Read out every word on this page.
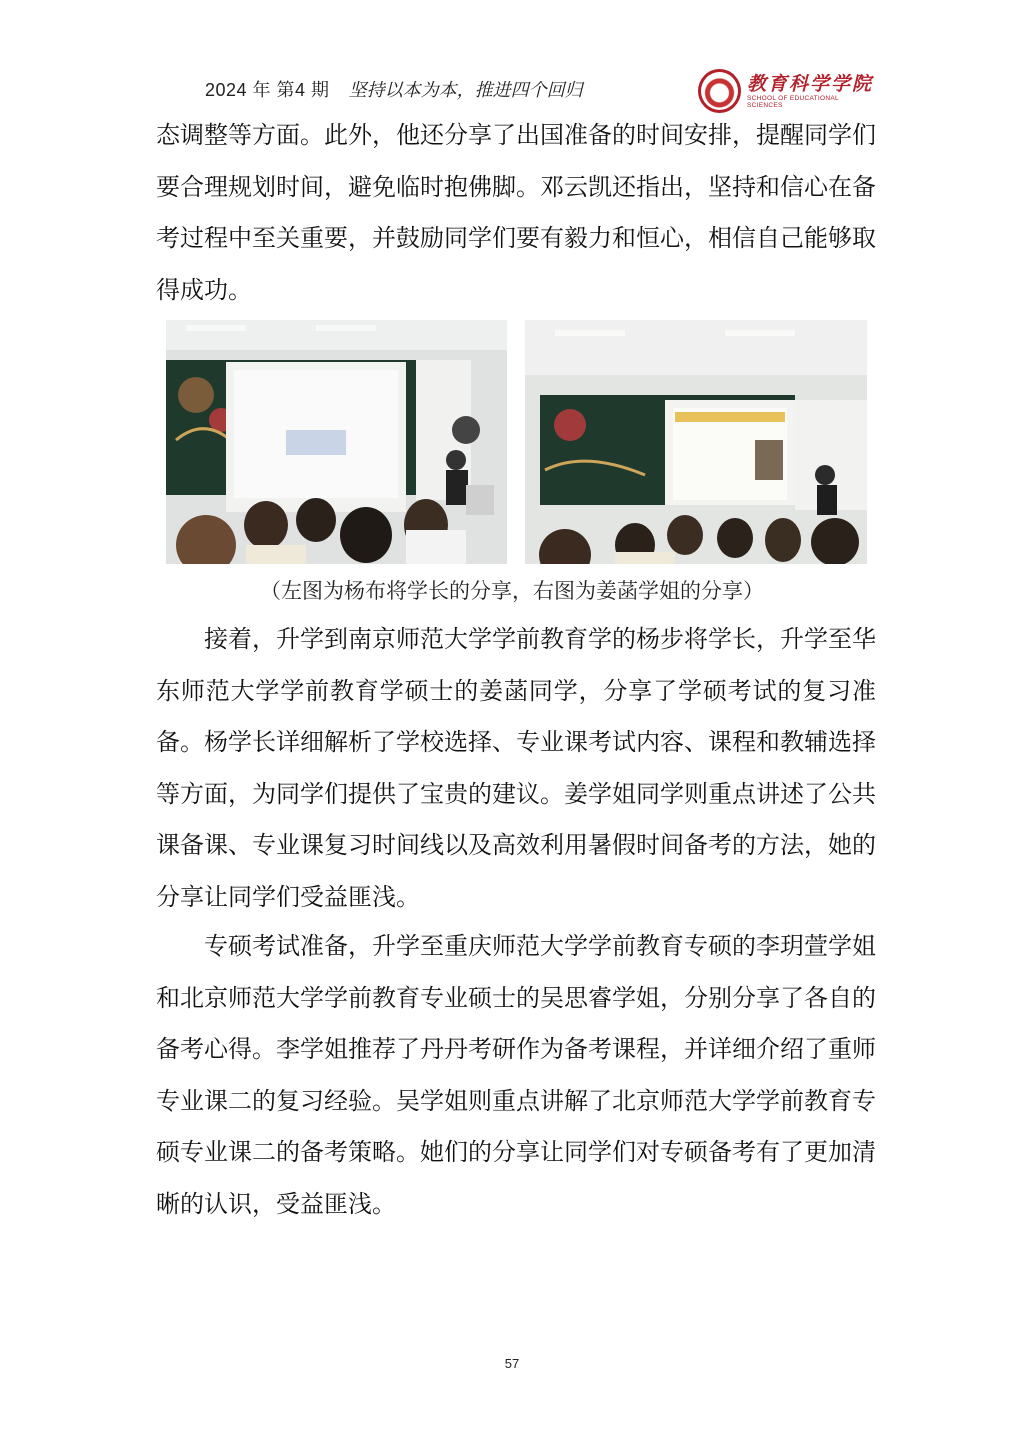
2024 年 第4 期 坚持以本为本，推进四个回归	教育科学学院
SCHOOL OF EDUCATIONAL SCIENCES

态调整等方面。此外，他还分享了出国准备的时间安排，提醒同学们要合理规划时间，避免临时抱佛脚。邓云凯还指出，坚持和信心在备考过程中至关重要，并鼓励同学们要有毅力和恒心，相信自己能够取得成功。

（左图为杨布将学长的分享，右图为姜菡学姐的分享）

接着，升学到南京师范大学学前教育学的杨步将学长，升学至华东师范大学学前教育学硕士的姜菡同学，分享了学硕考试的复习准备。杨学长详细解析了学校选择、专业课考试内容、课程和教辅选择等方面，为同学们提供了宝贵的建议。姜学姐同学则重点讲述了公共课备课、专业课复习时间线以及高效利用暑假时间备考的方法，她的分享让同学们受益匪浅。

专硕考试准备，升学至重庆师范大学学前教育专硕的李玥萱学姐和北京师范大学学前教育专业硕士的吴思睿学姐，分别分享了各自的备考心得。李学姐推荐了丹丹考研作为备考课程，并详细介绍了重师专业课二的复习经验。吴学姐则重点讲解了北京师范大学学前教育专硕专业课二的备考策略。她们的分享让同学们对专硕备考有了更加清晰的认识，受益匪浅。

57
